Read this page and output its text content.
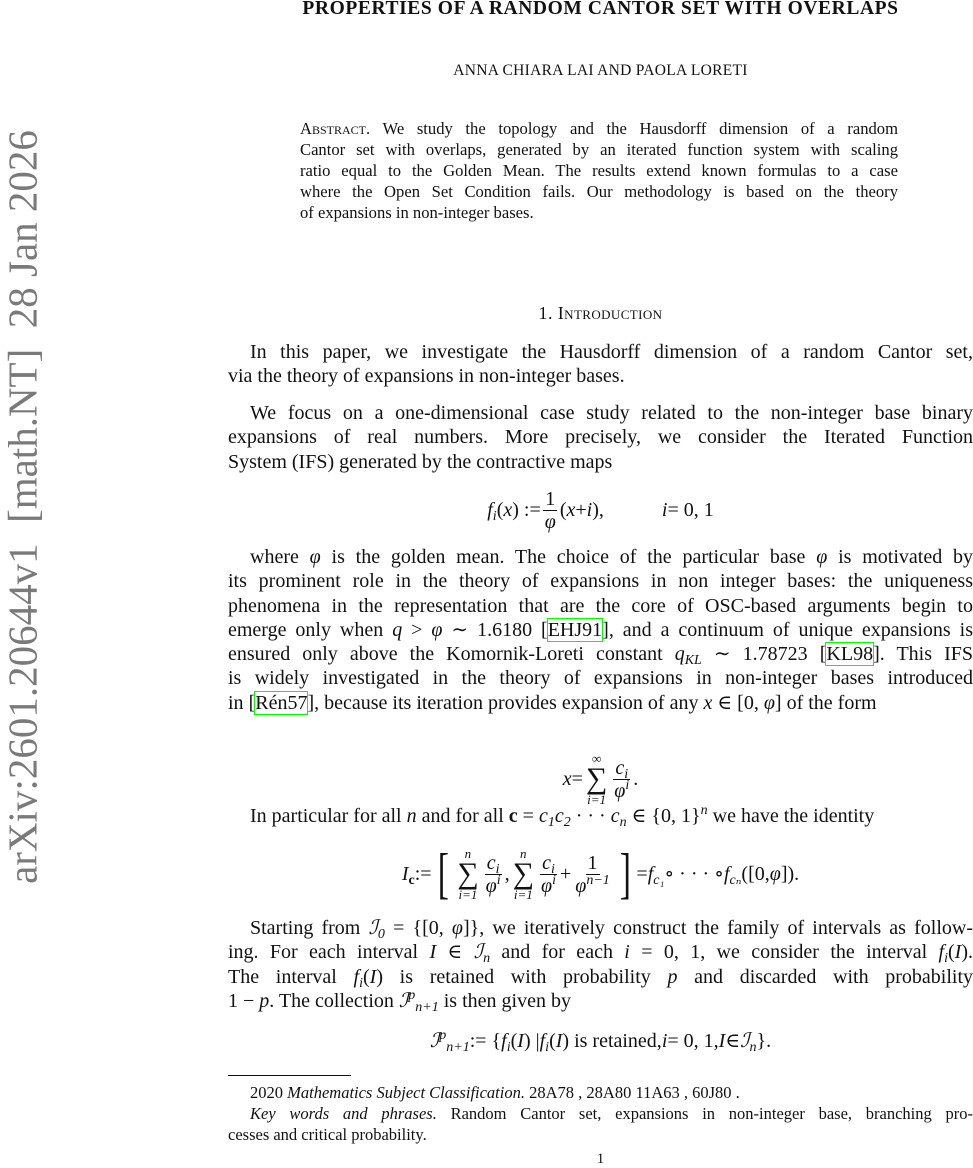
arXiv:2601.20644v1  [math.NT]  28 Jan 2026
PROPERTIES OF A RANDOM CANTOR SET WITH OVERLAPS
ANNA CHIARA LAI AND PAOLA LORETI
Abstract. We study the topology and the Hausdorff dimension of a random
Cantor set with overlaps, generated by an iterated function system with scaling
ratio equal to the Golden Mean. The results extend known formulas to a case
where the Open Set Condition fails. Our methodology is based on the theory
of expansions in non-integer bases.
1. Introduction
In this paper, we investigate the Hausdorff dimension of a random Cantor set,
via the theory of expansions in non-integer bases.
We focus on a one-dimensional case study related to the non-integer base binary
expansions of real numbers. More precisely, we consider the Iterated Function
System (IFS) generated by the contractive maps
$f_i$ ( x ) := $\frac{1}{\varphi}$ ( x + i ),	i = 0, 1
where φ is the golden mean. The choice of the particular base φ is motivated by
its prominent role in the theory of expansions in non integer bases: the uniqueness
phenomena in the representation that are the core of OSC-based arguments begin to
emerge only when q > φ ∼ 1.6180 [EHJ91], and a continuum of unique expansions is
ensured only above the Komornik-Loreti constant $q_{KL}$ ∼ 1.78723 [KL98]. This IFS
is widely investigated in the theory of expansions in non-integer bases introduced
in [Rén57], because its iteration provides expansion of any x ∈ [0, φ] of the form
x =
∞
∑
$i=1 \frac{c_i}{\varphi^i}$ .
In particular for all n and for all $c = c_1c_2$ · · · $c_n$ ∈ {0, 1}$^n$ we have the identity
$I_c$ := [ n
∑
$i=1 \frac{c_i}{\varphi^i}$ ,
n
∑
$i=1 \frac{c_i}{\varphi^i} + \frac{1}{\varphi^{n-1}}$ ] = $f_{c_1}$ ∘ · · · ∘ $f_{c_n}$ ([0, φ ]).
Starting from ℐ$_0$ = {[0, φ]}, we iteratively construct the family of intervals as follow-
ing. For each interval I ∈ ℐ$_n$ and for each i = 0, 1, we consider the interval $f_i(I)$.
The interval $f_i(I)$ is retained with probability p and discarded with probability
1 − p. The collection ℐ$^p_{n+1}$ is then given by
ℐ$^p_{n+1}$ := { $f_i$ ( I ) | $f_i$ ( I ) is retained, i = 0, 1, I ∈ ℐ$_n$ }.
2020 Mathematics Subject Classification. 28A78 , 28A80 11A63 , 60J80 .
Key words and phrases. Random Cantor set, expansions in non-integer base, branching pro-
cesses and critical probability.
1
